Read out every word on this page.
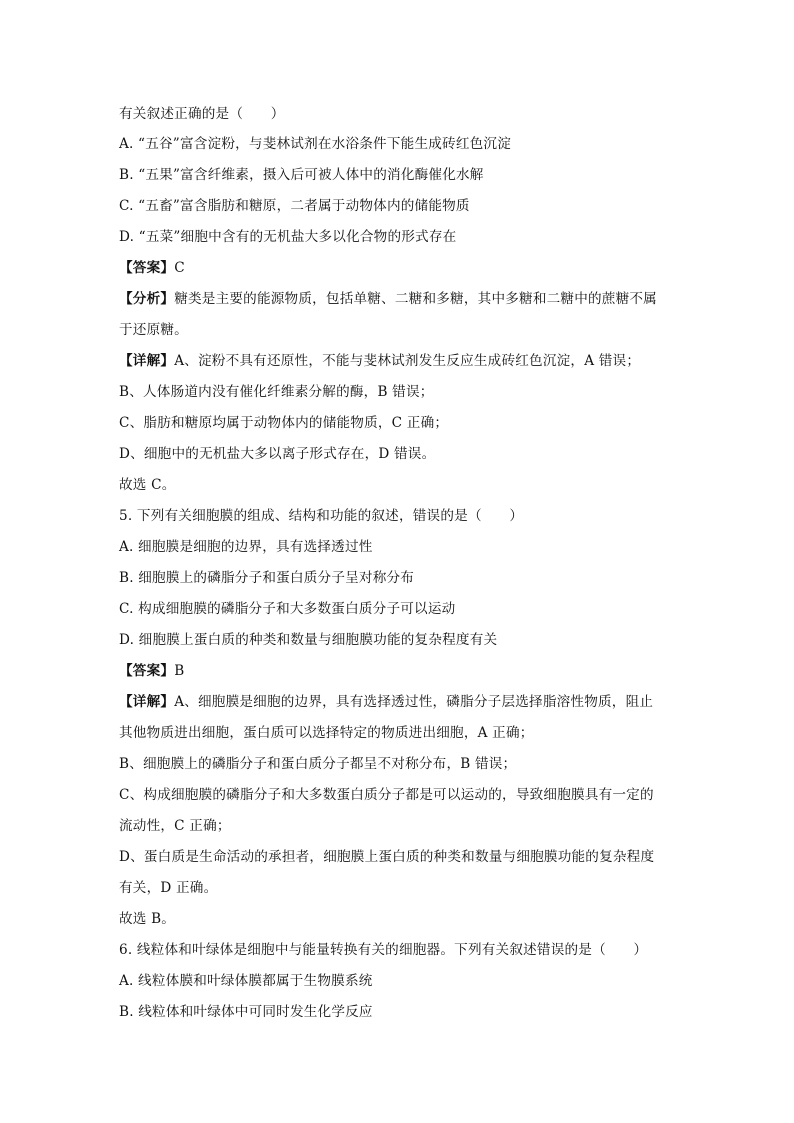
有关叙述正确的是（　　）
A. “五谷”富含淀粉，与斐林试剂在水浴条件下能生成砖红色沉淀
B. “五果”富含纤维素，摄入后可被人体中的消化酶催化水解
C. “五畜”富含脂肪和糖原，二者属于动物体内的储能物质
D. “五菜”细胞中含有的无机盐大多以化合物的形式存在
【答案】C
【分析】糖类是主要的能源物质，包括单糖、二糖和多糖，其中多糖和二糖中的蔗糖不属
于还原糖。
【详解】A、淀粉不具有还原性，不能与斐林试剂发生反应生成砖红色沉淀，A 错误；
B、人体肠道内没有催化纤维素分解的酶，B 错误；
C、脂肪和糖原均属于动物体内的储能物质，C 正确；
D、细胞中的无机盐大多以离子形式存在，D 错误。
故选 C。
5. 下列有关细胞膜的组成、结构和功能的叙述，错误的是（　　）
A. 细胞膜是细胞的边界，具有选择透过性
B. 细胞膜上的磷脂分子和蛋白质分子呈对称分布
C. 构成细胞膜的磷脂分子和大多数蛋白质分子可以运动
D. 细胞膜上蛋白质的种类和数量与细胞膜功能的复杂程度有关
【答案】B
【详解】A、细胞膜是细胞的边界，具有选择透过性，磷脂分子层选择脂溶性物质，阻止
其他物质进出细胞，蛋白质可以选择特定的物质进出细胞，A 正确；
B、细胞膜上的磷脂分子和蛋白质分子都呈不对称分布，B 错误；
C、构成细胞膜的磷脂分子和大多数蛋白质分子都是可以运动的，导致细胞膜具有一定的
流动性，C 正确；
D、蛋白质是生命活动的承担者，细胞膜上蛋白质的种类和数量与细胞膜功能的复杂程度
有关，D 正确。
故选 B。
6. 线粒体和叶绿体是细胞中与能量转换有关的细胞器。下列有关叙述错误的是（　　）
A. 线粒体膜和叶绿体膜都属于生物膜系统
B. 线粒体和叶绿体中可同时发生化学反应
